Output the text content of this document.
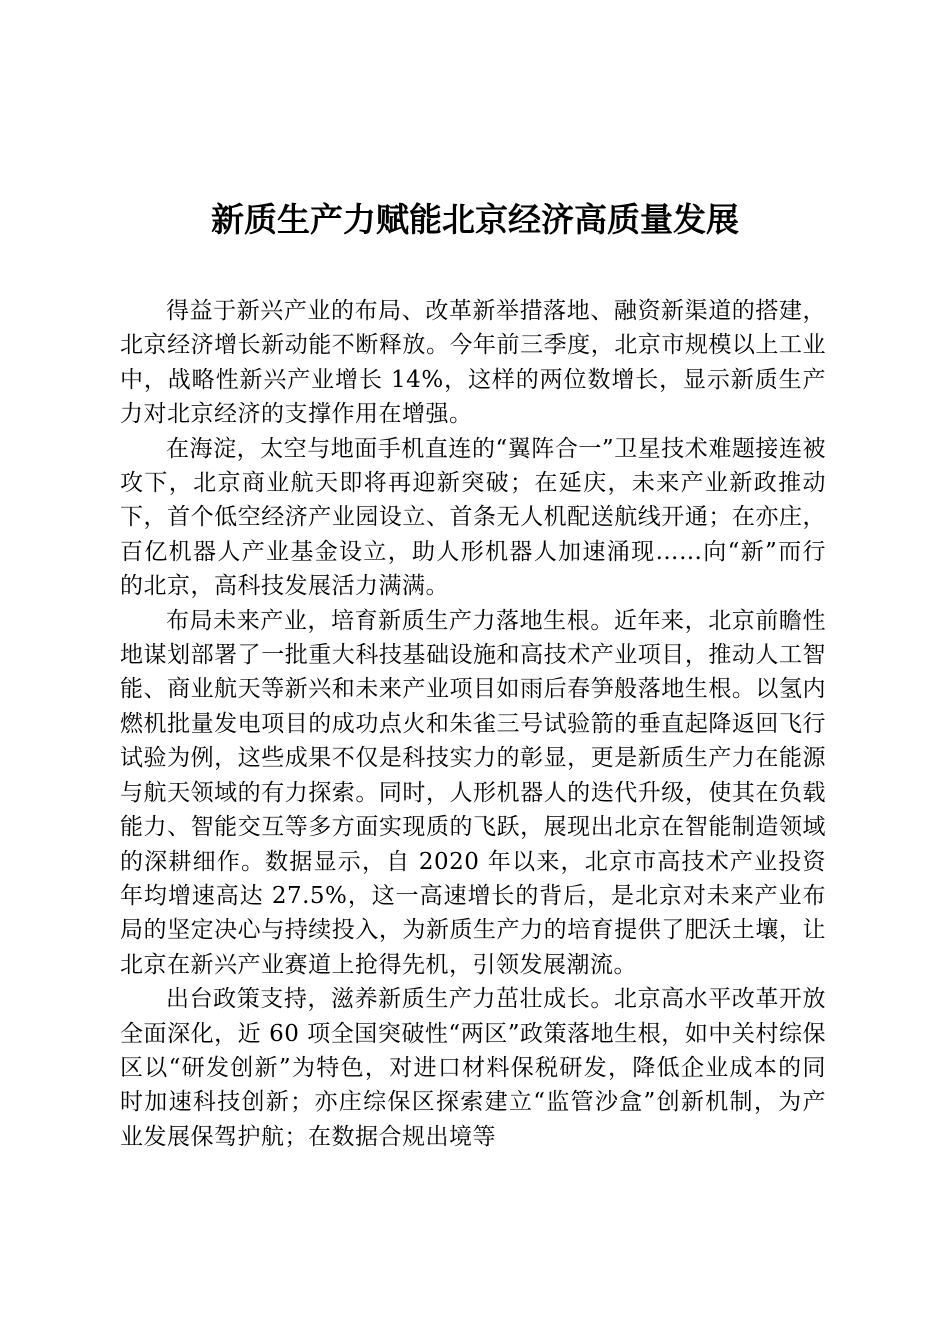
新质生产力赋能北京经济高质量发展

得益于新兴产业的布局、改革新举措落地、融资新渠道的搭建，北京经济增长新动能不断释放。今年前三季度，北京市规模以上工业中，战略性新兴产业增长 14%，这样的两位数增长，显示新质生产力对北京经济的支撑作用在增强。

在海淀，太空与地面手机直连的“翼阵合一”卫星技术难题接连被攻下，北京商业航天即将再迎新突破；在延庆，未来产业新政推动下，首个低空经济产业园设立、首条无人机配送航线开通；在亦庄，百亿机器人产业基金设立，助人形机器人加速涌现……向“新”而行的北京，高科技发展活力满满。

布局未来产业，培育新质生产力落地生根。近年来，北京前瞻性地谋划部署了一批重大科技基础设施和高技术产业项目，推动人工智能、商业航天等新兴和未来产业项目如雨后春笋般落地生根。以氢内燃机批量发电项目的成功点火和朱雀三号试验箭的垂直起降返回飞行试验为例，这些成果不仅是科技实力的彰显，更是新质生产力在能源与航天领域的有力探索。同时，人形机器人的迭代升级，使其在负载能力、智能交互等多方面实现质的飞跃，展现出北京在智能制造领域的深耕细作。数据显示，自 2020 年以来，北京市高技术产业投资年均增速高达 27.5%，这一高速增长的背后，是北京对未来产业布局的坚定决心与持续投入，为新质生产力的培育提供了肥沃土壤，让北京在新兴产业赛道上抢得先机，引领发展潮流。

出台政策支持，滋养新质生产力茁壮成长。北京高水平改革开放全面深化，近 60 项全国突破性“两区”政策落地生根，如中关村综保区以“研发创新”为特色，对进口材料保税研发，降低企业成本的同时加速科技创新；亦庄综保区探索建立“监管沙盒”创新机制，为产业发展保驾护航；在数据合规出境等
